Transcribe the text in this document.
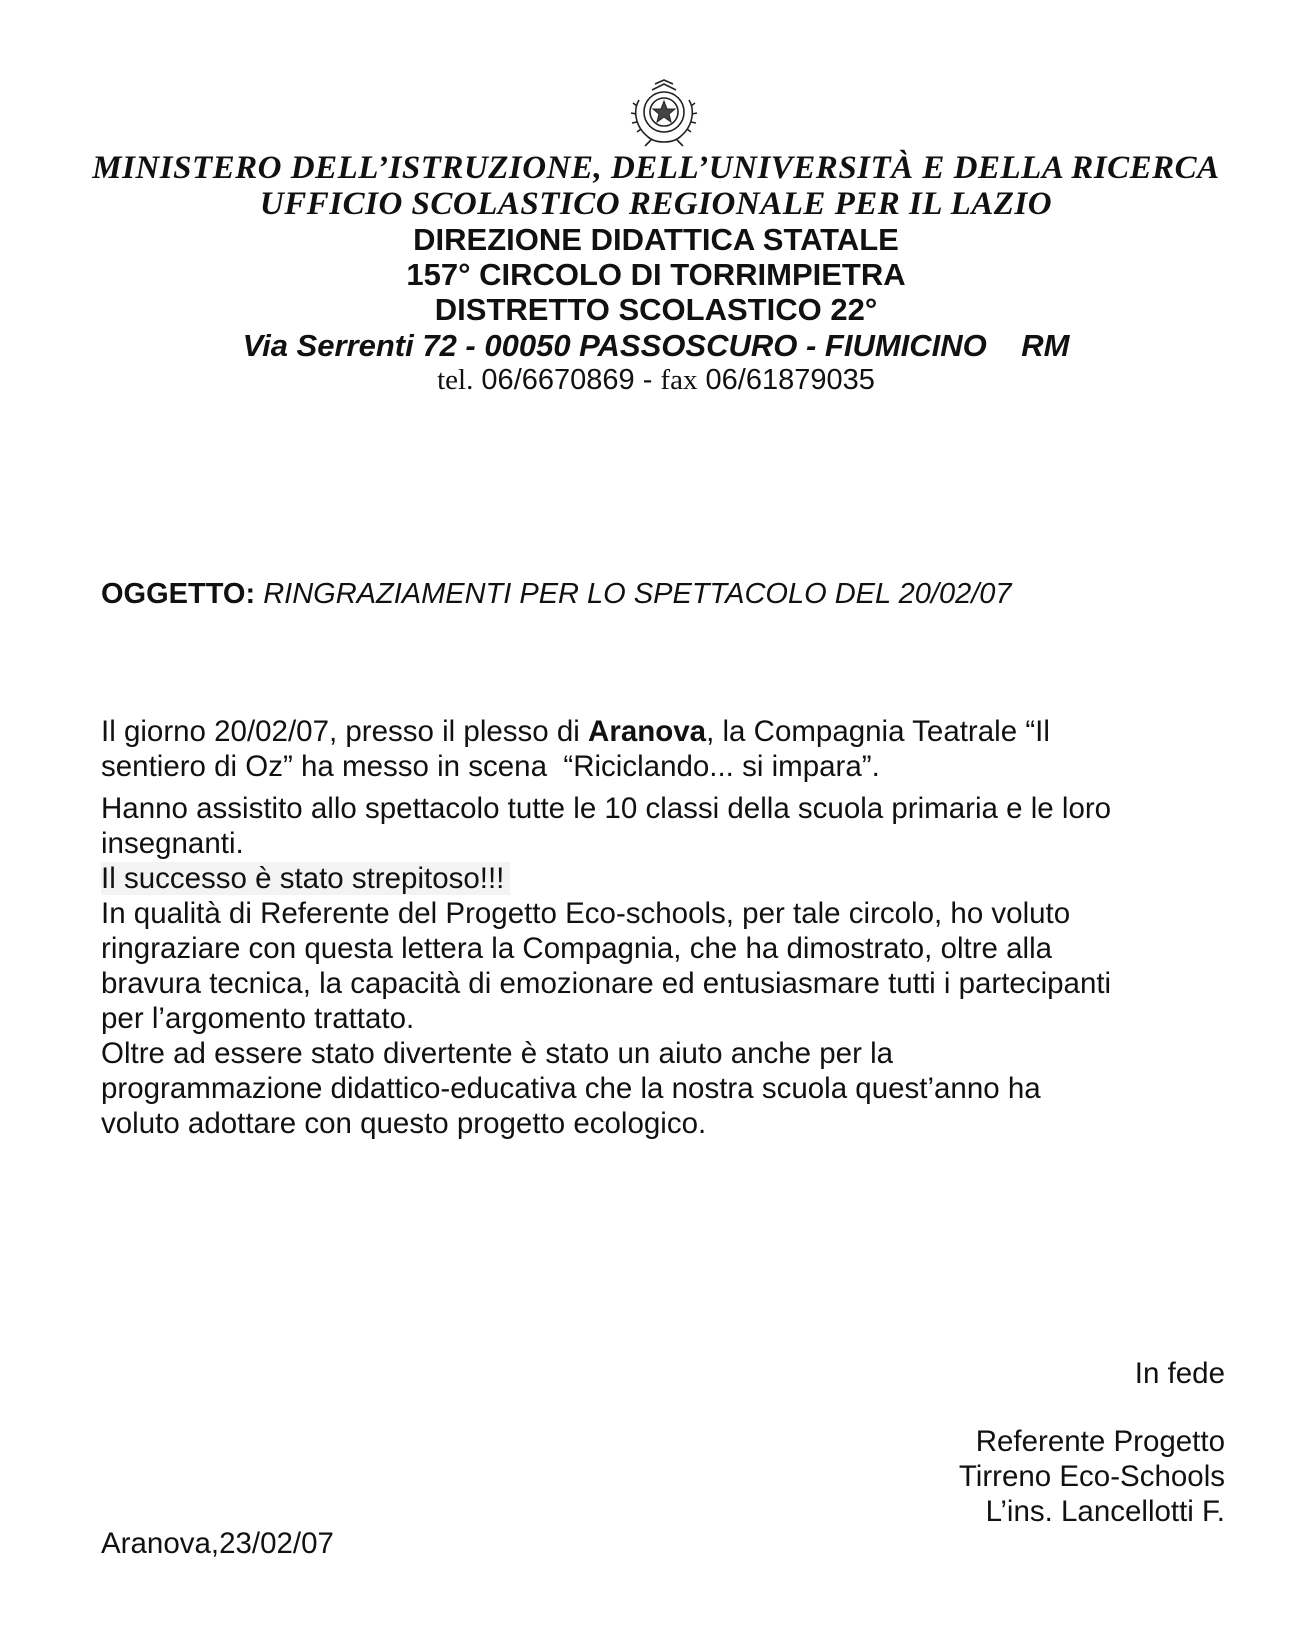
MINISTERO DELL’ISTRUZIONE, DELL’UNIVERSITÀ E DELLA RICERCA
UFFICIO SCOLASTICO REGIONALE PER IL LAZIO
DIREZIONE DIDATTICA STATALE
157° CIRCOLO DI TORRIMPIETRA
DISTRETTO SCOLASTICO 22°
Via Serrenti 72 - 00050 PASSOSCURO - FIUMICINO    RM
tel. 06/6670869 - fax 06/61879035
OGGETTO: RINGRAZIAMENTI PER LO SPETTACOLO DEL 20/02/07
Il giorno 20/02/07, presso il plesso di Aranova, la Compagnia Teatrale “Il
sentiero di Oz” ha messo in scena  “Riciclando... si impara”.
Hanno assistito allo spettacolo tutte le 10 classi della scuola primaria e le loro
insegnanti.
Il successo è stato strepitoso!!!
In qualità di Referente del Progetto Eco-schools, per tale circolo, ho voluto
ringraziare con questa lettera la Compagnia, che ha dimostrato, oltre alla
bravura tecnica, la capacità di emozionare ed entusiasmare tutti i partecipanti
per l’argomento trattato.
Oltre ad essere stato divertente è stato un aiuto anche per la
programmazione didattico-educativa che la nostra scuola quest’anno ha
voluto adottare con questo progetto ecologico.
In fede
Referente Progetto
Tirreno Eco-Schools
L’ins. Lancellotti F.
Aranova,23/02/07
